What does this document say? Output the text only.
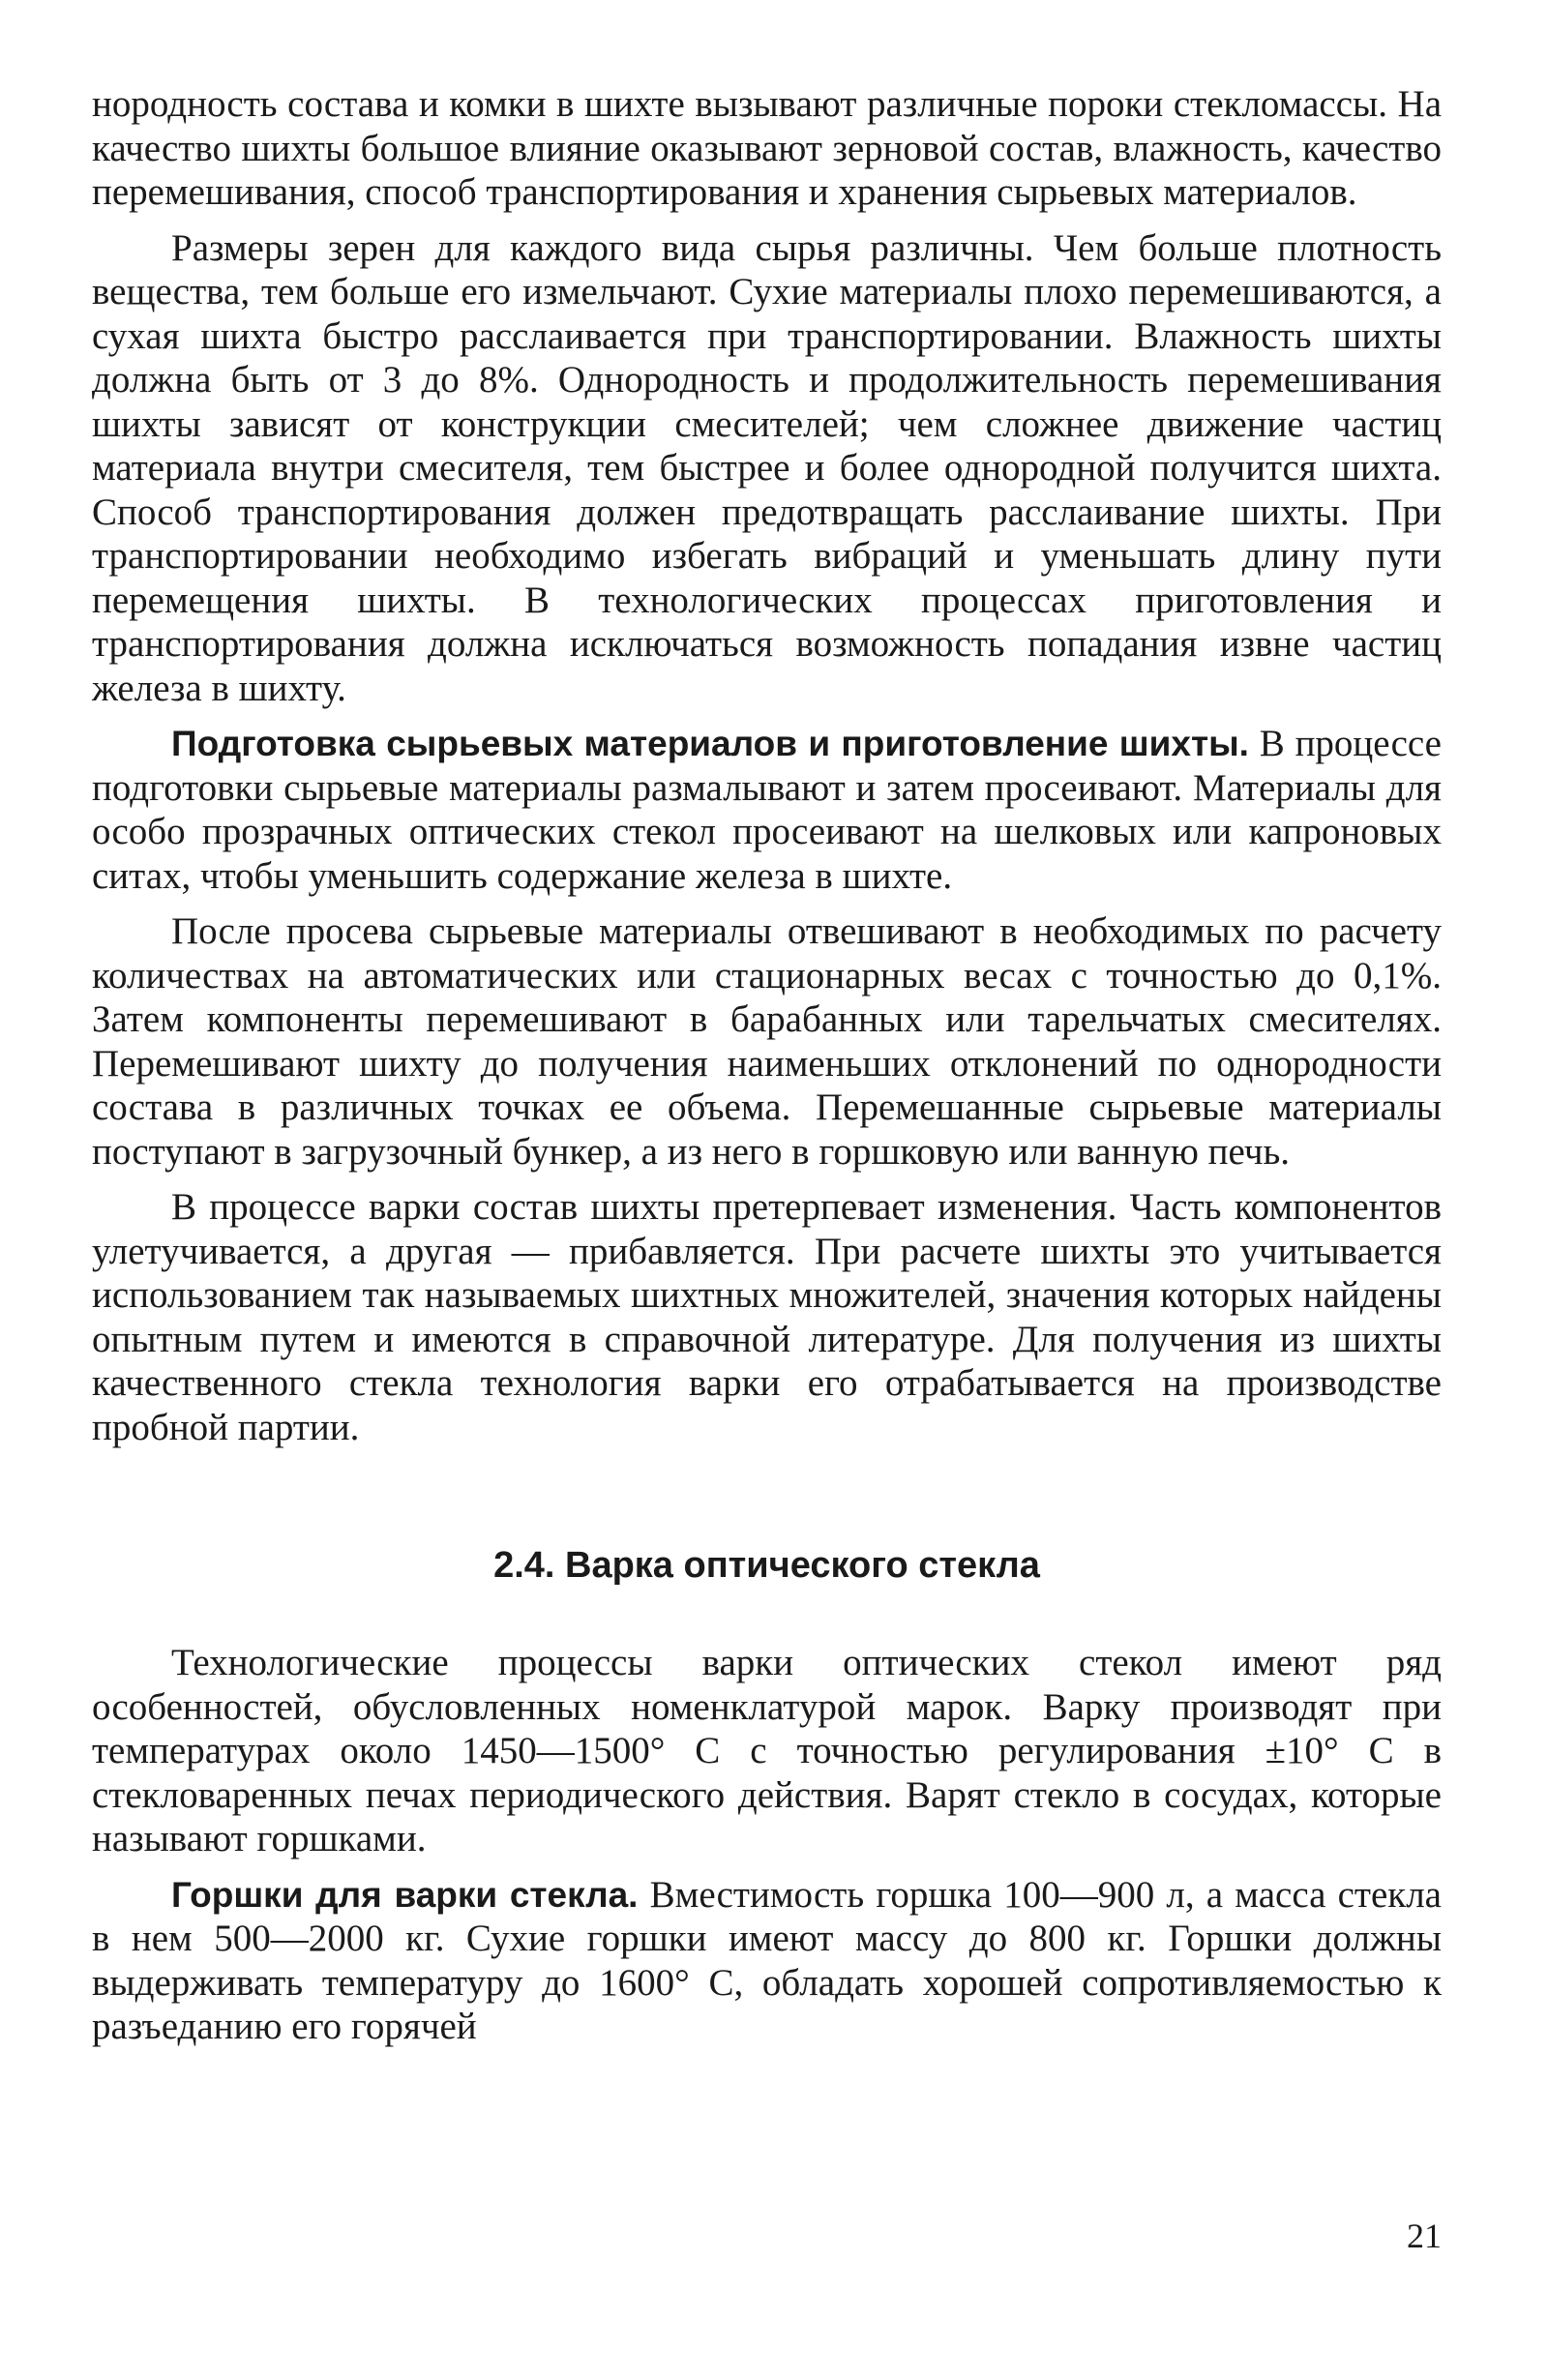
нородность состава и комки в шихте вызывают различные пороки стекломассы. На качество шихты большое влияние оказывают зерновой состав, влажность, качество перемешивания, способ транспортирования и хранения сырьевых материалов.

Размеры зерен для каждого вида сырья различны. Чем больше плотность вещества, тем больше его измельчают. Сухие материалы плохо перемешиваются, а сухая шихта быстро расслаивается при транспортировании. Влажность шихты должна быть от 3 до 8%. Однородность и продолжительность перемешивания шихты зависят от конструкции смесителей; чем сложнее движение частиц материала внутри смесителя, тем быстрее и более однородной получится шихта. Способ транспортирования должен предотвращать расслаивание шихты. При транспортировании необходимо избегать вибраций и уменьшать длину пути перемещения шихты. В технологических процессах приготовления и транспортирования должна исключаться возможность попадания извне частиц железа в шихту.

Подготовка сырьевых материалов и приготовление шихты. В процессе подготовки сырьевые материалы размалывают и затем просеивают. Материалы для особо прозрачных оптических стекол просеивают на шелковых или капроновых ситах, чтобы уменьшить содержание железа в шихте.

После просева сырьевые материалы отвешивают в необходимых по расчету количествах на автоматических или стационарных весах с точностью до 0,1%. Затем компоненты перемешивают в барабанных или тарельчатых смесителях. Перемешивают шихту до получения наименьших отклонений по однородности состава в различных точках ее объема. Перемешанные сырьевые материалы поступают в загрузочный бункер, а из него в горшковую или ванную печь.

В процессе варки состав шихты претерпевает изменения. Часть компонентов улетучивается, а другая — прибавляется. При расчете шихты это учитывается использованием так называемых шихтных множителей, значения которых найдены опытным путем и имеются в справочной литературе. Для получения из шихты качественного стекла технология варки его отрабатывается на производстве пробной партии.

2.4. Варка оптического стекла

Технологические процессы варки оптических стекол имеют ряд особенностей, обусловленных номенклатурой марок. Варку производят при температурах около 1450—1500° С с точностью регулирования ±10° С в стекловаренных печах периодического действия. Варят стекло в сосудах, которые называют горшками.

Горшки для варки стекла. Вместимость горшка 100—900 л, а масса стекла в нем 500—2000 кг. Сухие горшки имеют массу до 800 кг. Горшки должны выдерживать температуру до 1600° С, обладать хорошей сопротивляемостью к разъеданию его горячей

21
